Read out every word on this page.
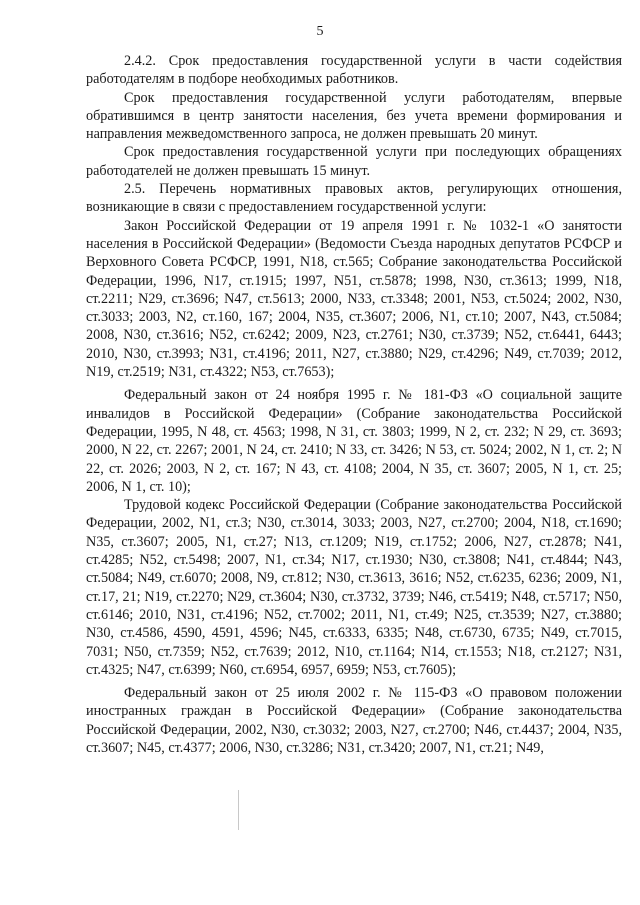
5

2.4.2. Срок предоставления государственной услуги в части содействия работодателям в подборе необходимых работников.

Срок предоставления государственной услуги работодателям, впервые обратившимся в центр занятости населения, без учета времени формирования и направления межведомственного запроса, не должен превышать 20 минут.

Срок предоставления государственной услуги при последующих обращениях работодателей не должен превышать 15 минут.

2.5. Перечень нормативных правовых актов, регулирующих отношения, возникающие в связи с предоставлением государственной услуги:

Закон Российской Федерации от 19 апреля 1991 г. № 1032-1 «О занятости населения в Российской Федерации» (Ведомости Съезда народных депутатов РСФСР и Верховного Совета РСФСР, 1991, N18, ст.565; Собрание законодательства Российской Федерации, 1996, N17, ст.1915; 1997, N51, ст.5878; 1998, N30, ст.3613; 1999, N18, ст.2211; N29, ст.3696; N47, ст.5613; 2000, N33, ст.3348; 2001, N53, ст.5024; 2002, N30, ст.3033; 2003, N2, ст.160, 167; 2004, N35, ст.3607; 2006, N1, ст.10; 2007, N43, ст.5084; 2008, N30, ст.3616; N52, ст.6242; 2009, N23, ст.2761; N30, ст.3739; N52, ст.6441, 6443; 2010, N30, ст.3993; N31, ст.4196; 2011, N27, ст.3880; N29, ст.4296; N49, ст.7039; 2012, N19, ст.2519; N31, ст.4322; N53, ст.7653);

Федеральный закон от 24 ноября 1995 г. № 181-ФЗ «О социальной защите инвалидов в Российской Федерации» (Собрание законодательства Российской Федерации, 1995, N 48, ст. 4563; 1998, N 31, ст. 3803; 1999, N 2, ст. 232; N 29, ст. 3693; 2000, N 22, ст. 2267; 2001, N 24, ст. 2410; N 33, ст. 3426; N 53, ст. 5024; 2002, N 1, ст. 2; N 22, ст. 2026; 2003, N 2, ст. 167; N 43, ст. 4108; 2004, N 35, ст. 3607; 2005, N 1, ст. 25; 2006, N 1, ст. 10);

Трудовой кодекс Российской Федерации (Собрание законодательства Российской Федерации, 2002, N1, ст.3; N30, ст.3014, 3033; 2003, N27, ст.2700; 2004, N18, ст.1690; N35, ст.3607; 2005, N1, ст.27; N13, ст.1209; N19, ст.1752; 2006, N27, ст.2878; N41, ст.4285; N52, ст.5498; 2007, N1, ст.34; N17, ст.1930; N30, ст.3808; N41, ст.4844; N43, ст.5084; N49, ст.6070; 2008, N9, ст.812; N30, ст.3613, 3616; N52, ст.6235, 6236; 2009, N1, ст.17, 21; N19, ст.2270; N29, ст.3604; N30, ст.3732, 3739; N46, ст.5419; N48, ст.5717; N50, ст.6146; 2010, N31, ст.4196; N52, ст.7002; 2011, N1, ст.49; N25, ст.3539; N27, ст.3880; N30, ст.4586, 4590, 4591, 4596; N45, ст.6333, 6335; N48, ст.6730, 6735; N49, ст.7015, 7031; N50, ст.7359; N52, ст.7639; 2012, N10, ст.1164; N14, ст.1553; N18, ст.2127; N31, ст.4325; N47, ст.6399; N60, ст.6954, 6957, 6959; N53, ст.7605);

Федеральный закон от 25 июля 2002 г. № 115-ФЗ «О правовом положении иностранных граждан в Российской Федерации» (Собрание законодательства Российской Федерации, 2002, N30, ст.3032; 2003, N27, ст.2700; N46, ст.4437; 2004, N35, ст.3607; N45, ст.4377; 2006, N30, ст.3286; N31, ст.3420; 2007, N1, ст.21; N49,
